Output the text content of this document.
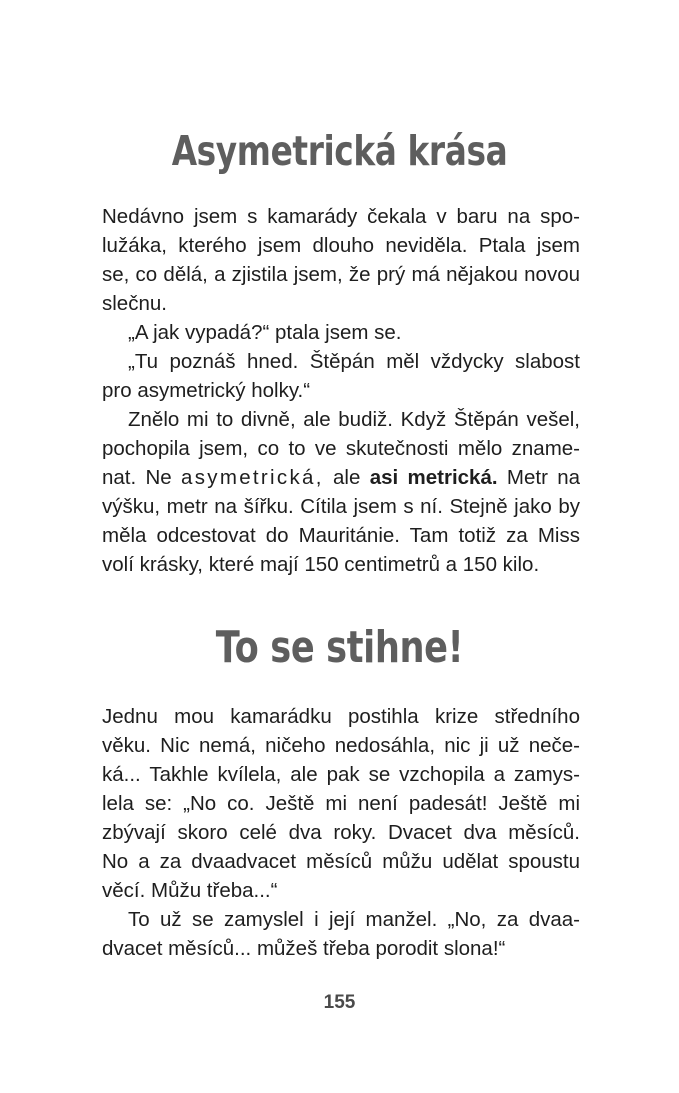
Asymetrická krása
Nedávno jsem s kamarády čekala v baru na spo-
lužáka, kterého jsem dlouho neviděla. Ptala jsem
se, co dělá, a zjistila jsem, že prý má nějakou novou
slečnu.
„A jak vypadá?“ ptala jsem se.
„Tu poznáš hned. Štěpán měl vždycky slabost
pro asymetrický holky.“
Znělo mi to divně, ale budiž. Když Štěpán vešel,
pochopila jsem, co to ve skutečnosti mělo zname-
nat. Ne asymetrická, ale asi metrická. Metr na
výšku, metr na šířku. Cítila jsem s ní. Stejně jako by
měla odcestovat do Mauritánie. Tam totiž za Miss
volí krásky, které mají 150 centimetrů a 150 kilo.
To se stihne!
Jednu mou kamarádku postihla krize středního
věku. Nic nemá, ničeho nedosáhla, nic ji už neče-
ká... Takhle kvílela, ale pak se vzchopila a zamys-
lela se: „No co. Ještě mi není padesát! Ještě mi
zbývají skoro celé dva roky. Dvacet dva měsíců.
No a za dvaadvacet měsíců můžu udělat spoustu
věcí. Můžu třeba...“
To už se zamyslel i její manžel. „No, za dvaa-
dvacet měsíců... můžeš třeba porodit slona!“
155
